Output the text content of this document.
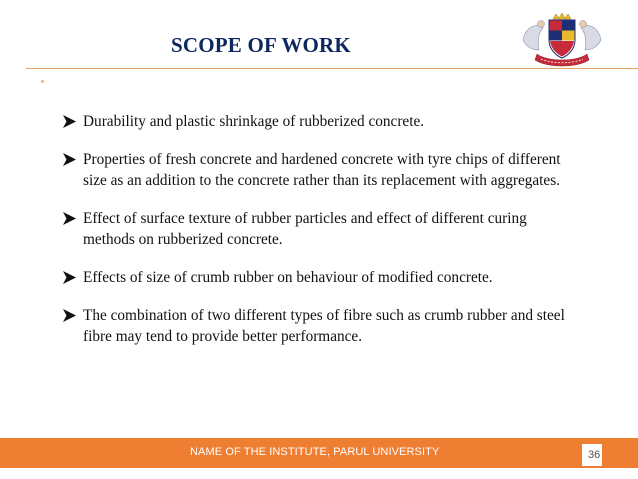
SCOPE OF WORK
Durability and plastic shrinkage of rubberized concrete.
Properties of fresh concrete and hardened concrete with tyre chips of different size as an addition to the concrete rather than its replacement with aggregates.
Effect of surface texture of rubber particles and effect of different curing methods on rubberized concrete.
Effects of size of crumb rubber on behaviour of modified concrete.
The combination of two different types of fibre such as crumb rubber and steel fibre may tend to provide better performance.
NAME OF THE INSTITUTE, PARUL UNIVERSITY	36
